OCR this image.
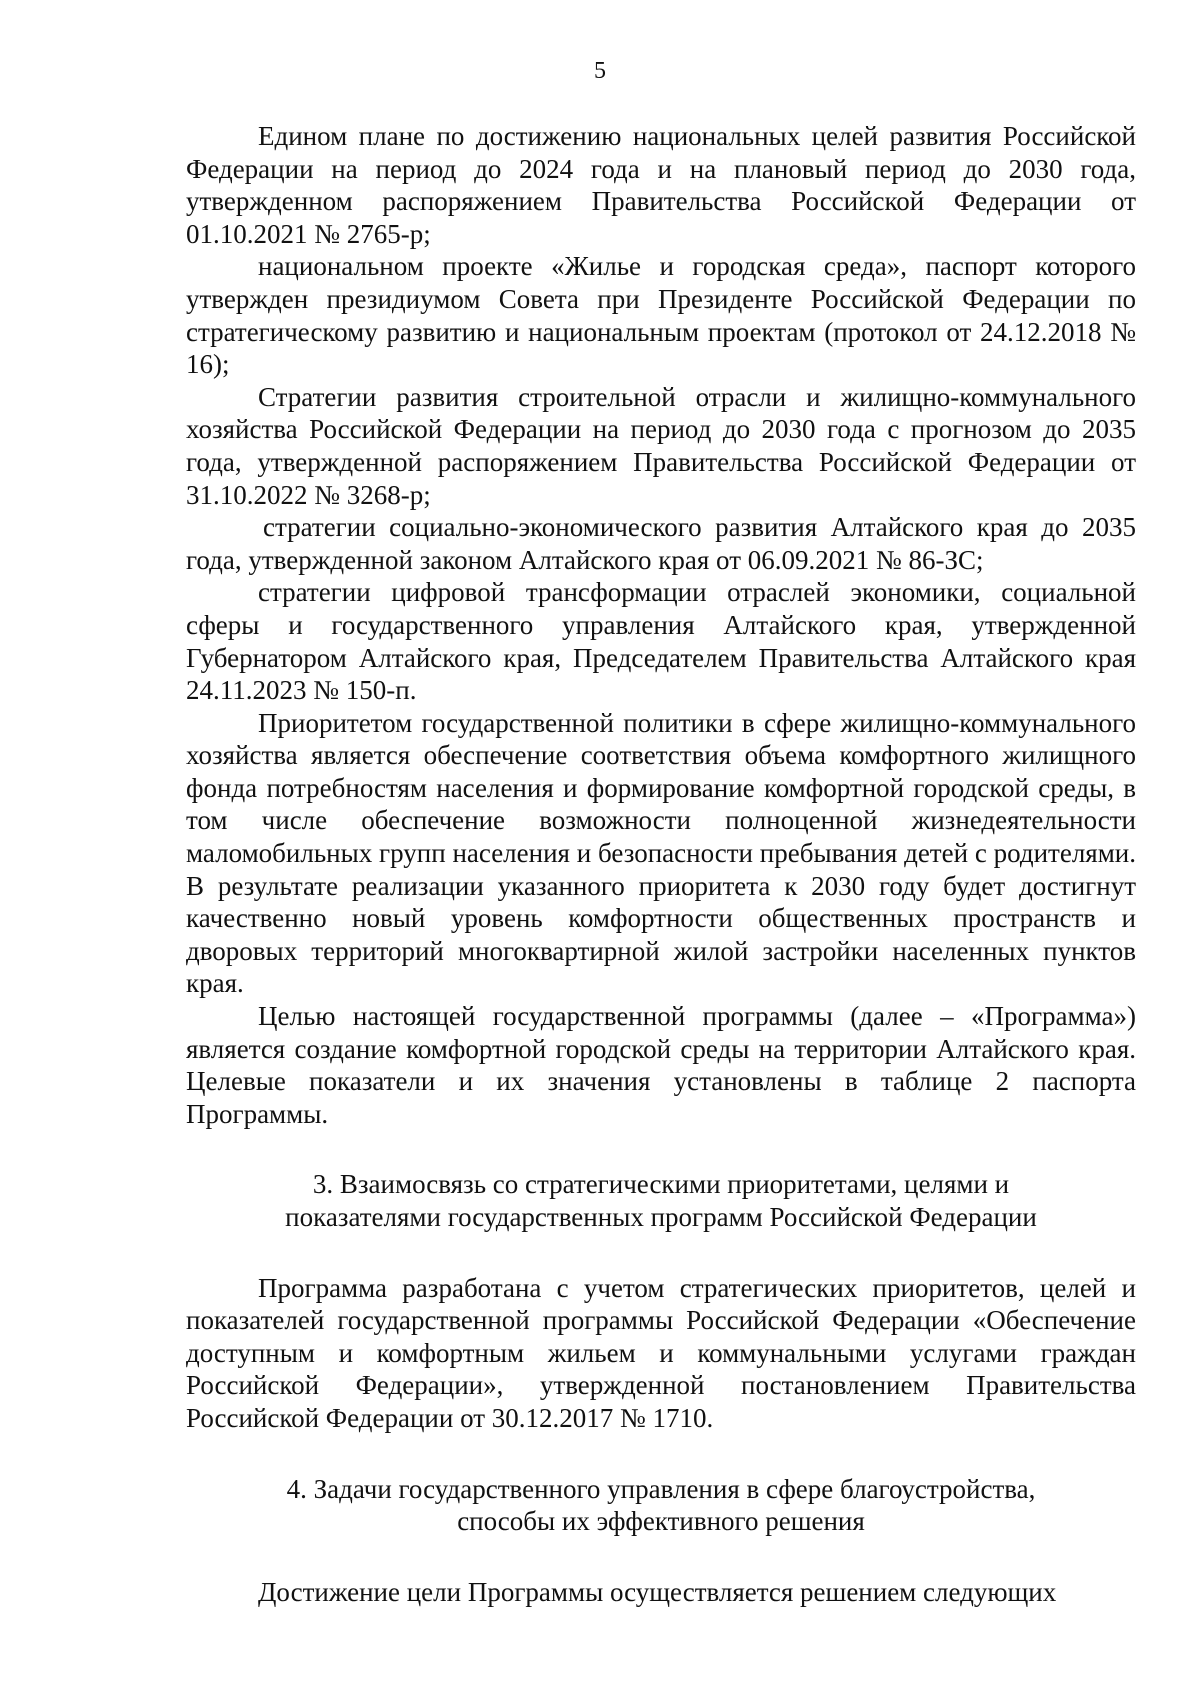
5

Едином плане по достижению национальных целей развития Российской Федерации на период до 2024 года и на плановый период до 2030 года, утвержденном распоряжением Правительства Российской Федерации от 01.10.2021 № 2765-р;

национальном проекте «Жилье и городская среда», паспорт которого утвержден президиумом Совета при Президенте Российской Федерации по стратегическому развитию и национальным проектам (протокол от 24.12.2018 № 16);

Стратегии развития строительной отрасли и жилищно-коммунального хозяйства Российской Федерации на период до 2030 года с прогнозом до 2035 года, утвержденной распоряжением Правительства Российской Федерации от 31.10.2022 № 3268-р;

стратегии социально-экономического развития Алтайского края до 2035 года, утвержденной законом Алтайского края от 06.09.2021 № 86-ЗС;

стратегии цифровой трансформации отраслей экономики, социальной сферы и государственного управления Алтайского края, утвержденной Губернатором Алтайского края, Председателем Правительства Алтайского края 24.11.2023 № 150-п.

Приоритетом государственной политики в сфере жилищно-коммунального хозяйства является обеспечение соответствия объема комфортного жилищного фонда потребностям населения и формирование комфортной городской среды, в том числе обеспечение возможности полноценной жизнедеятельности маломобильных групп населения и безопасности пребывания детей с родителями. В результате реализации указанного приоритета к 2030 году будет достигнут качественно новый уровень комфортности общественных пространств и дворовых территорий многоквартирной жилой застройки населенных пунктов края.

Целью настоящей государственной программы (далее – «Программа») является создание комфортной городской среды на территории Алтайского края. Целевые показатели и их значения установлены в таблице 2 паспорта Программы.

3. Взаимосвязь со стратегическими приоритетами, целями и

показателями государственных программ Российской Федерации

Программа разработана с учетом стратегических приоритетов, целей и показателей государственной программы Российской Федерации «Обеспечение доступным и комфортным жильем и коммунальными услугами граждан Российской Федерации», утвержденной постановлением Правительства Российской Федерации от 30.12.2017 № 1710.

4. Задачи государственного управления в сфере благоустройства,

способы их эффективного решения

Достижение цели Программы осуществляется решением следующих
